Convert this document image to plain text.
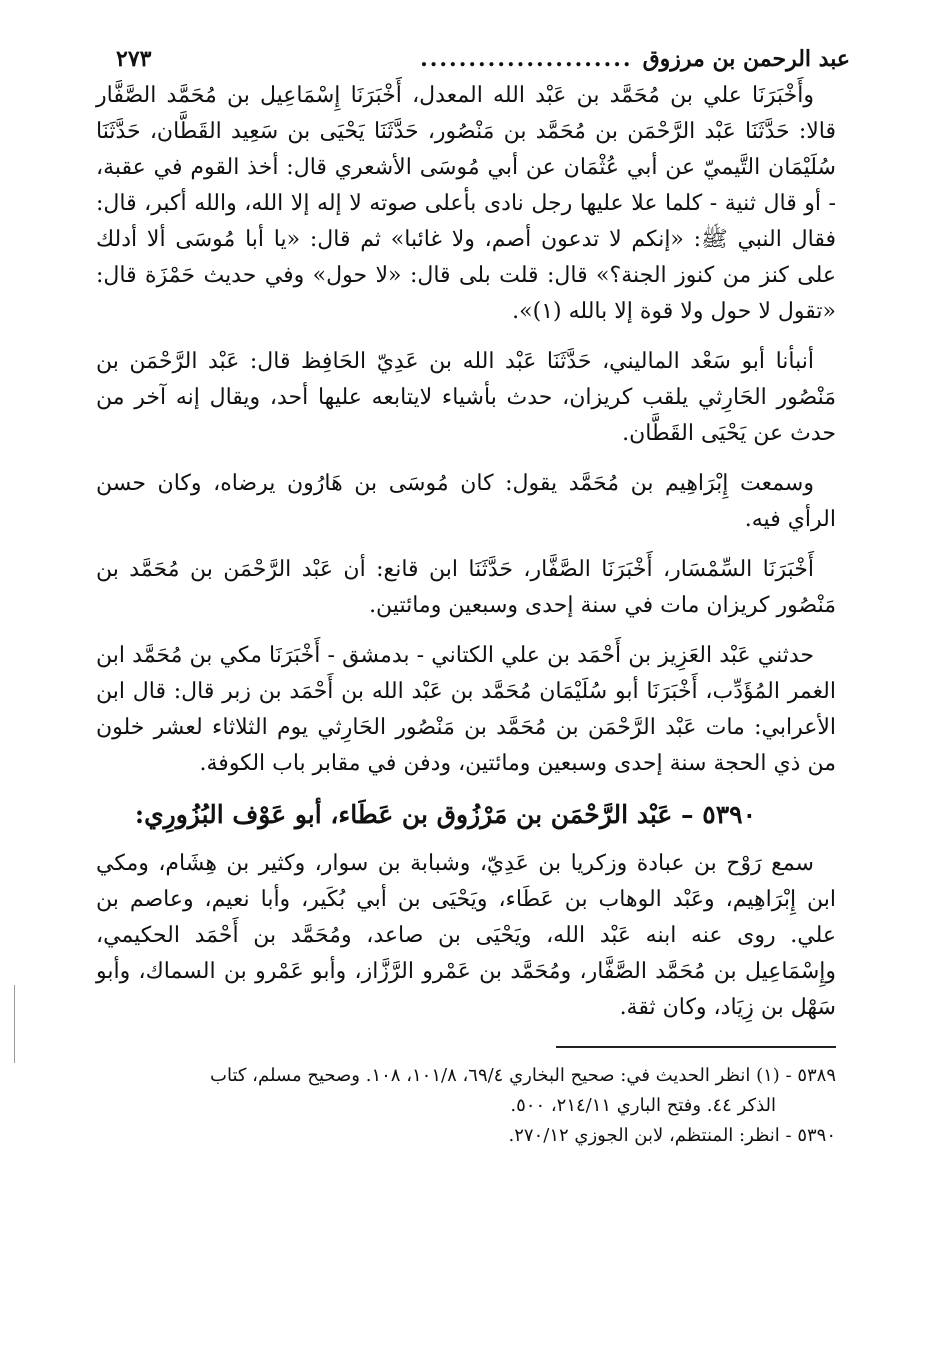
عبد الرحمن بن مرزوق
......................
٢٧٣

وأَخْبَرَنَا علي بن مُحَمَّد بن عَبْد الله المعدل، أَخْبَرَنَا إِسْمَاعِيل بن مُحَمَّد الصَّفَّار قالا: حَدَّثَنَا عَبْد الرَّحْمَن بن مُحَمَّد بن مَنْصُور، حَدَّثَنَا يَحْيَى بن سَعِيد القَطَّان، حَدَّثَنَا سُلَيْمَان التَّيميّ عن أبي عُثْمَان عن أبي مُوسَى الأشعري قال: أخذ القوم في عقبة، - أو قال ثنية - كلما علا عليها رجل نادى بأعلى صوته لا إله إلا الله، والله أكبر، قال: فقال النبي ﷺ: «إنكم لا تدعون أصم، ولا غائبا» ثم قال: «يا أبا مُوسَى ألا أدلك على كنز من كنوز الجنة؟» قال: قلت بلى قال: «لا حول» وفي حديث حَمْزَة قال: «تقول لا حول ولا قوة إلا بالله (١)».

أنبأنا أبو سَعْد الماليني، حَدَّثَنَا عَبْد الله بن عَدِيّ الحَافِظ قال: عَبْد الرَّحْمَن بن مَنْصُور الحَارِثي يلقب كريزان، حدث بأشياء لايتابعه عليها أحد، ويقال إنه آخر من حدث عن يَحْيَى القَطَّان.

وسمعت إِبْرَاهِيم بن مُحَمَّد يقول: كان مُوسَى بن هَارُون يرضاه، وكان حسن الرأي فيه.

أَخْبَرَنَا السِّمْسَار، أَخْبَرَنَا الصَّفَّار، حَدَّثَنَا ابن قانع: أن عَبْد الرَّحْمَن بن مُحَمَّد بن مَنْصُور كريزان مات في سنة إحدى وسبعين ومائتين.

حدثني عَبْد العَزِيز بن أَحْمَد بن علي الكتاني - بدمشق - أَخْبَرَنَا مكي بن مُحَمَّد ابن الغمر المُؤَدِّب، أَخْبَرَنَا أبو سُلَيْمَان مُحَمَّد بن عَبْد الله بن أَحْمَد بن زبر قال: قال ابن الأعرابي: مات عَبْد الرَّحْمَن بن مُحَمَّد بن مَنْصُور الحَارِثي يوم الثلاثاء لعشر خلون من ذي الحجة سنة إحدى وسبعين ومائتين، ودفن في مقابر باب الكوفة.

٥٣٩٠ – عَبْد الرَّحْمَن بن مَرْزُوق بن عَطَاء، أبو عَوْف البُزُورِي:

سمع رَوْح بن عبادة وزكريا بن عَدِيّ، وشبابة بن سوار، وكثير بن هِشَام، ومكي ابن إِبْرَاهِيم، وعَبْد الوهاب بن عَطَاء، ويَحْيَى بن أبي بُكَير، وأبا نعيم، وعاصم بن علي. روى عنه ابنه عَبْد الله، ويَحْيَى بن صاعد، ومُحَمَّد بن أَحْمَد الحكيمي، وإِسْمَاعِيل بن مُحَمَّد الصَّفَّار، ومُحَمَّد بن عَمْرو الرَّزَّاز، وأبو عَمْرو بن السماك، وأبو سَهْل بن زِيَاد، وكان ثقة.

٥٣٨٩ - (١) انظر الحديث في: صحيح البخاري ٦٩/٤، ١٠١/٨، ١٠٨. وصحيح مسلم، كتاب

الذكر ٤٤. وفتح الباري ٢١٤/١١، ٥٠٠.

٥٣٩٠ - انظر: المنتظم، لابن الجوزي ٢٧٠/١٢.
